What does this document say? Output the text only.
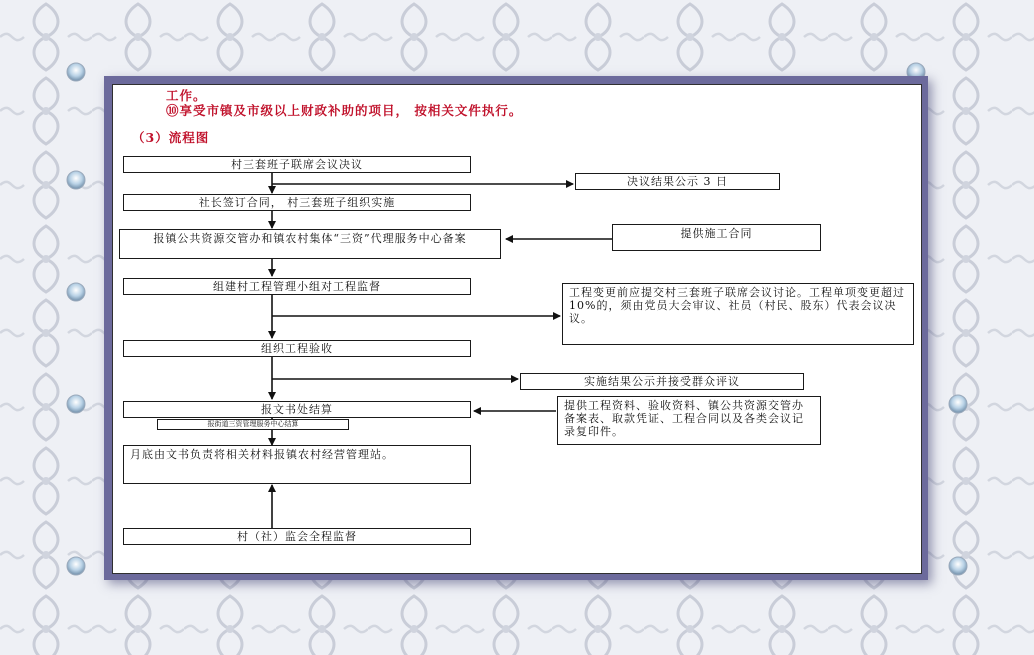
工作。
⑩享受市镇及市级以上财政补助的项目， 按相关文件执行。
（3）流程图
村三套班子联席会议决议
社长签订合同， 村三套班子组织实施
报镇公共资源交管办和镇农村集体“三资”代理服务中心备案
组建村工程管理小组对工程监督
组织工程验收
报文书处结算
报街道三资管理服务中心结算
月底由文书负责将相关材料报镇农村经营管理站。
村（社）监会全程监督
决议结果公示 3 日
提供施工合同
工程变更前应提交村三套班子联席会议讨论。工程单项变更超过 10%的，须由党员大会审议、社员（村民、股东）代表会议决议。
实施结果公示并接受群众评议
提供工程资料、验收资料、镇公共资源交管办备案表、取款凭证、工程合同以及各类会议记录复印件。
